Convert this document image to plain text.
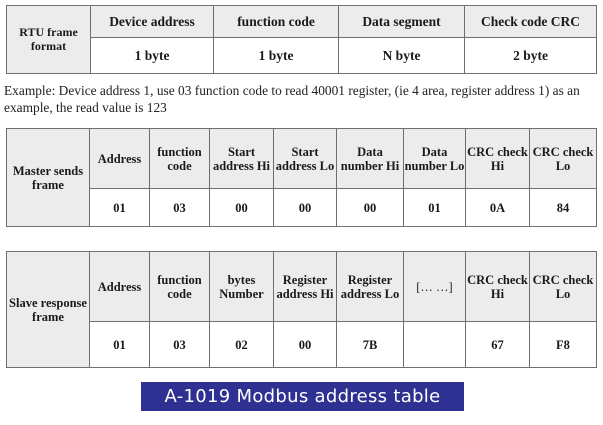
RTU frame format	Device address	function code	Data segment	Check code CRC
	1 byte	1 byte	N byte	2 byte
Example: Device address 1, use 03 function code to read 40001 register, (ie 4 area, register address 1) as an example, the read value is 123
Master sends frame	Address	function code	Start address Hi	Start address Lo	Data number Hi	Data number Lo	CRC check Hi	CRC check Lo
	01	03	00	00	00	01	0A	84
Slave response frame	Address	function code	bytes Number	Register address Hi	Register address Lo	[… …]	CRC check Hi	CRC check Lo
	01	03	02	00	7B		67	F8
A-1019 Modbus address table
